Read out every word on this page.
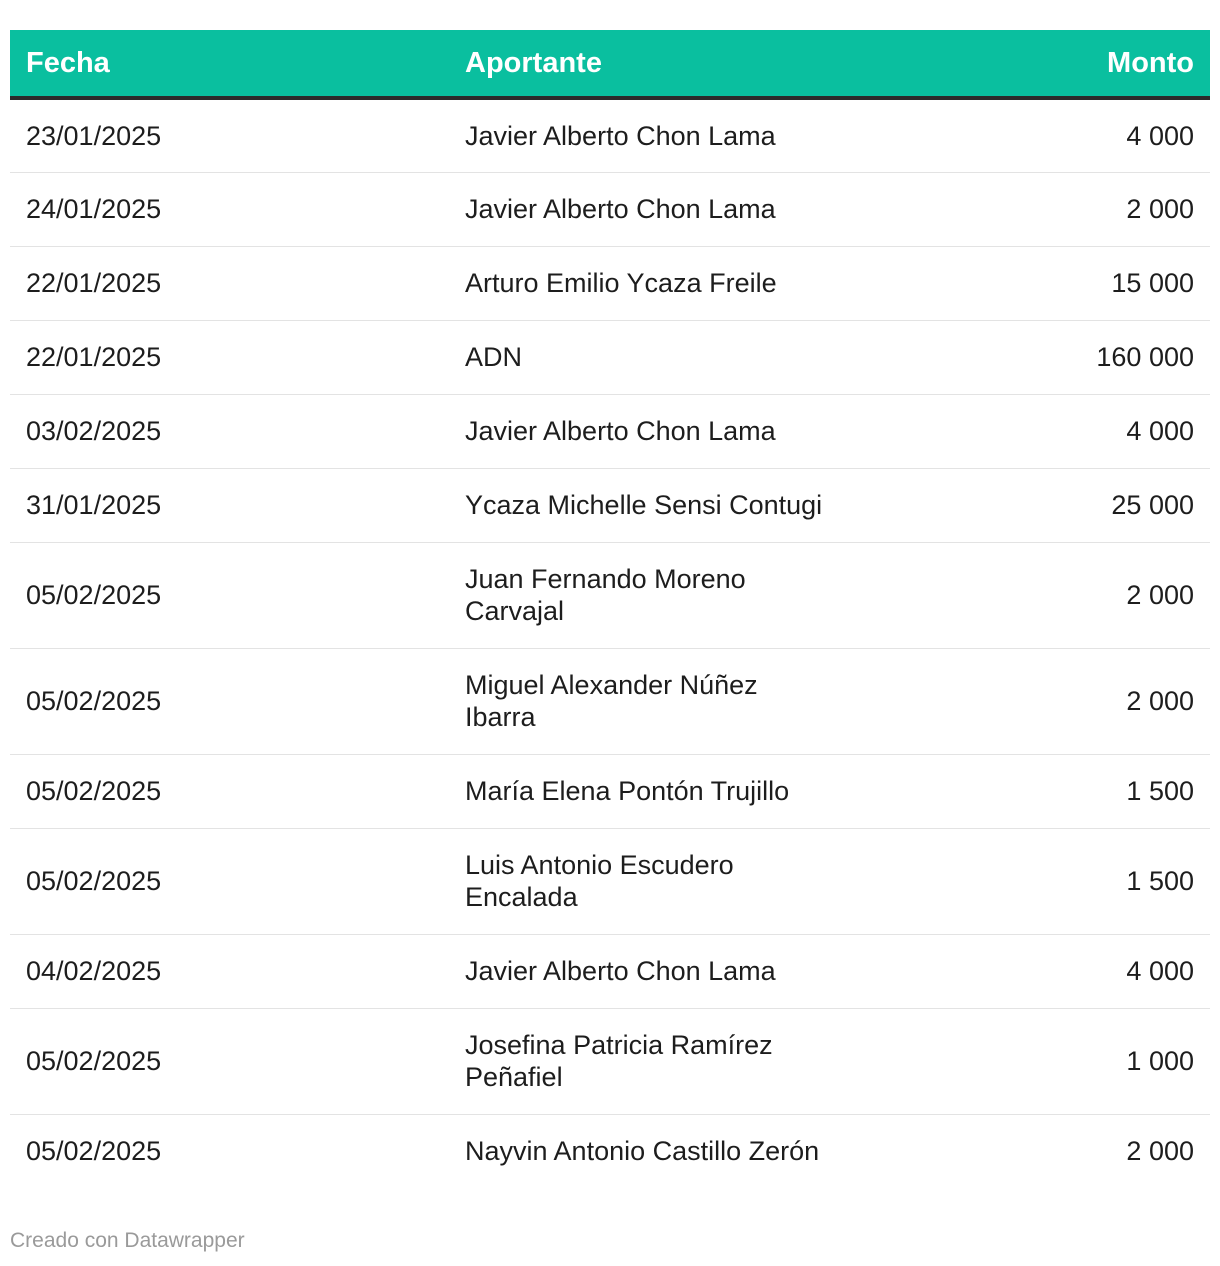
Fecha	Aportante	Monto
23/01/2025	Javier Alberto Chon Lama	4 000
24/01/2025	Javier Alberto Chon Lama	2 000
22/01/2025	Arturo Emilio Ycaza Freile	15 000
22/01/2025	ADN	160 000
03/02/2025	Javier Alberto Chon Lama	4 000
31/01/2025	Ycaza Michelle Sensi Contugi	25 000
05/02/2025	Juan Fernando Moreno Carvajal	2 000
05/02/2025	Miguel Alexander Núñez Ibarra	2 000
05/02/2025	María Elena Pontón Trujillo	1 500
05/02/2025	Luis Antonio Escudero Encalada	1 500
04/02/2025	Javier Alberto Chon Lama	4 000
05/02/2025	Josefina Patricia Ramírez Peñafiel	1 000
05/02/2025	Nayvin Antonio Castillo Zerón	2 000
Creado con Datawrapper
